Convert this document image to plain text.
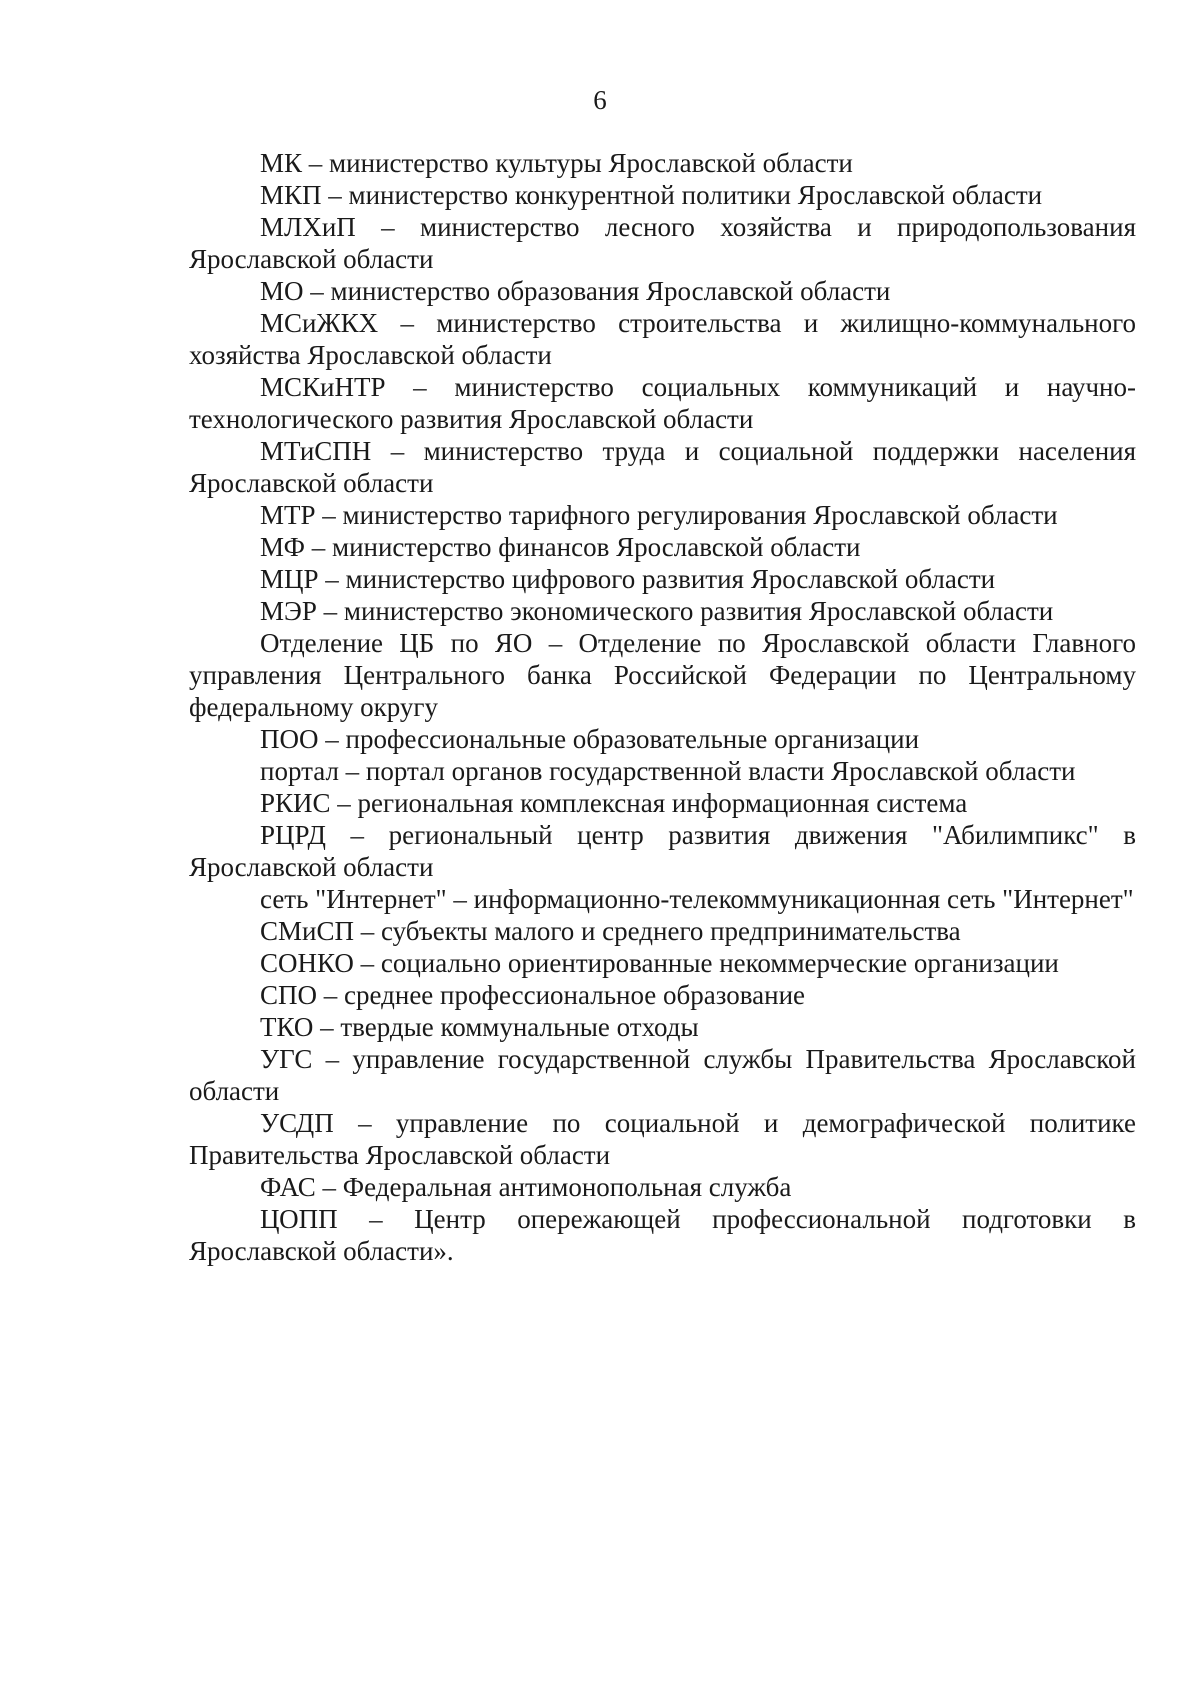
6

МК – министерство культуры Ярославской области

МКП – министерство конкурентной политики Ярославской области

МЛХиП – министерство лесного хозяйства и природопользования Ярославской области

МО – министерство образования Ярославской области

МСиЖКХ – министерство строительства и жилищно-коммунального хозяйства Ярославской области

МСКиНТР – министерство социальных коммуникаций и научно-технологического развития Ярославской области

МТиСПН – министерство труда и социальной поддержки населения Ярославской области

МТР – министерство тарифного регулирования Ярославской области

МФ – министерство финансов Ярославской области

МЦР – министерство цифрового развития Ярославской области

МЭР – министерство экономического развития Ярославской области

Отделение ЦБ по ЯО – Отделение по Ярославской области Главного управления Центрального банка Российской Федерации по Центральному федеральному округу

ПОО – профессиональные образовательные организации

портал – портал органов государственной власти Ярославской области

РКИС – региональная комплексная информационная система

РЦРД – региональный центр развития движения "Абилимпикс" в Ярославской области

сеть "Интернет" – информационно-телекоммуникационная сеть "Интернет"

СМиСП – субъекты малого и среднего предпринимательства

СОНКО – социально ориентированные некоммерческие организации

СПО – среднее профессиональное образование

ТКО – твердые коммунальные отходы

УГС – управление государственной службы Правительства Ярославской области

УСДП – управление по социальной и демографической политике Правительства Ярославской области

ФАС – Федеральная антимонопольная служба

ЦОПП – Центр опережающей профессиональной подготовки в Ярославской области».
